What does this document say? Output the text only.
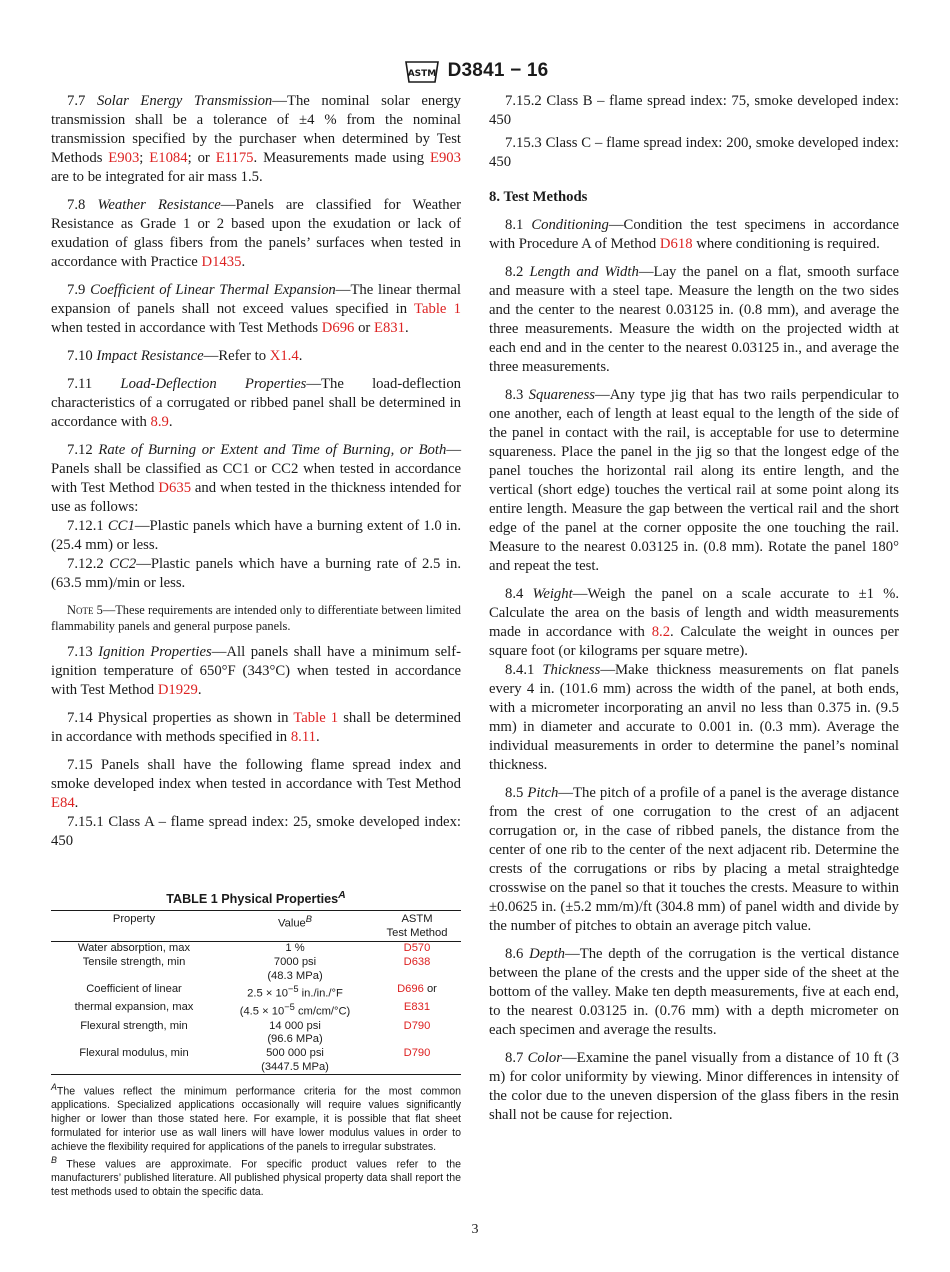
ASTM D3841 − 16

7.7 Solar Energy Transmission—The nominal solar energy transmission shall be a tolerance of ±4 % from the nominal transmission specified by the purchaser when determined by Test Methods E903; E1084; or E1175. Measurements made using E903 are to be integrated for air mass 1.5.

7.8 Weather Resistance—Panels are classified for Weather Resistance as Grade 1 or 2 based upon the exudation or lack of exudation of glass fibers from the panels’ surfaces when tested in accordance with Practice D1435.

7.9 Coefficient of Linear Thermal Expansion—The linear thermal expansion of panels shall not exceed values specified in Table 1 when tested in accordance with Test Methods D696 or E831.

7.10 Impact Resistance—Refer to X1.4.

7.11 Load-Deflection Properties—The load-deflection characteristics of a corrugated or ribbed panel shall be determined in accordance with 8.9.

7.12 Rate of Burning or Extent and Time of Burning, or Both—Panels shall be classified as CC1 or CC2 when tested in accordance with Test Method D635 and when tested in the thickness intended for use as follows:

7.12.1 CC1—Plastic panels which have a burning extent of 1.0 in. (25.4 mm) or less.

7.12.2 CC2—Plastic panels which have a burning rate of 2.5 in. (63.5 mm)/min or less.

Note 5—These requirements are intended only to differentiate between limited flammability panels and general purpose panels.

7.13 Ignition Properties—All panels shall have a minimum self-ignition temperature of 650°F (343°C) when tested in accordance with Test Method D1929.

7.14 Physical properties as shown in Table 1 shall be determined in accordance with methods specified in 8.11.

7.15 Panels shall have the following flame spread index and smoke developed index when tested in accordance with Test Method E84.

7.15.1 Class A – flame spread index: 25, smoke developed index: 450

TABLE 1 Physical Properties$^A$
Property	Value$^B$	ASTM
Test Method
Water absorption, max	1 %	D570
Tensile strength, min	7000 psi	D638
	(48.3 MPa)	
Coefficient of linear	$2.5 \times 10^{-5}$ in./in./°F	D696 or
thermal expansion, max	($4.5 \times 10^{-5}$ cm/cm/°C)	E831
Flexural strength, min	14 000 psi	D790
	(96.6 MPa)	
Flexural modulus, min	500 000 psi	D790
	(3447.5 MPa)	
$^A$The values reflect the minimum performance criteria for the most common applications. Specialized applications occasionally will require values significantly higher or lower than those stated here. For example, it is possible that flat sheet formulated for interior use as wall liners will have lower modulus values in order to achieve the flexibility required for applications of the panels to irregular substrates.
$^B$ These values are approximate. For specific product values refer to the manufacturers’ published literature. All published physical property data shall report the test methods used to obtain the specific data.

7.15.2 Class B – flame spread index: 75, smoke developed index: 450

7.15.3 Class C – flame spread index: 200, smoke developed index: 450

8. Test Methods

8.1 Conditioning—Condition the test specimens in accordance with Procedure A of Method D618 where conditioning is required.

8.2 Length and Width—Lay the panel on a flat, smooth surface and measure with a steel tape. Measure the length on the two sides and the center to the nearest 0.03125 in. (0.8 mm), and average the three measurements. Measure the width on the projected width at each end and in the center to the nearest 0.03125 in., and average the three measurements.

8.3 Squareness—Any type jig that has two rails perpendicular to one another, each of length at least equal to the length of the side of the panel in contact with the rail, is acceptable for use to determine squareness. Place the panel in the jig so that the longest edge of the panel touches the horizontal rail along its entire length, and the vertical (short edge) touches the vertical rail at some point along its entire length. Measure the gap between the vertical rail and the short edge of the panel at the corner opposite the one touching the rail. Measure to the nearest 0.03125 in. (0.8 mm). Rotate the panel 180° and repeat the test.

8.4 Weight—Weigh the panel on a scale accurate to ±1 %. Calculate the area on the basis of length and width measurements made in accordance with 8.2. Calculate the weight in ounces per square foot (or kilograms per square metre).

8.4.1 Thickness—Make thickness measurements on flat panels every 4 in. (101.6 mm) across the width of the panel, at both ends, with a micrometer incorporating an anvil no less than 0.375 in. (9.5 mm) in diameter and accurate to 0.001 in. (0.3 mm). Average the individual measurements in order to determine the panel’s nominal thickness.

8.5 Pitch—The pitch of a profile of a panel is the average distance from the crest of one corrugation to the crest of an adjacent corrugation or, in the case of ribbed panels, the distance from the center of one rib to the center of the next adjacent rib. Determine the crests of the corrugations or ribs by placing a metal straightedge crosswise on the panel so that it touches the crests. Measure to within ±0.0625 in. (±5.2 mm/m)/ft (304.8 mm) of panel width and divide by the number of pitches to obtain an average pitch value.

8.6 Depth—The depth of the corrugation is the vertical distance between the plane of the crests and the upper side of the sheet at the bottom of the valley. Make ten depth measurements, five at each end, to the nearest 0.03125 in. (0.76 mm) with a depth micrometer on each specimen and average the results.

8.7 Color—Examine the panel visually from a distance of 10 ft (3 m) for color uniformity by viewing. Minor differences in intensity of the color due to the uneven dispersion of the glass fibers in the resin shall not be cause for rejection.

3
